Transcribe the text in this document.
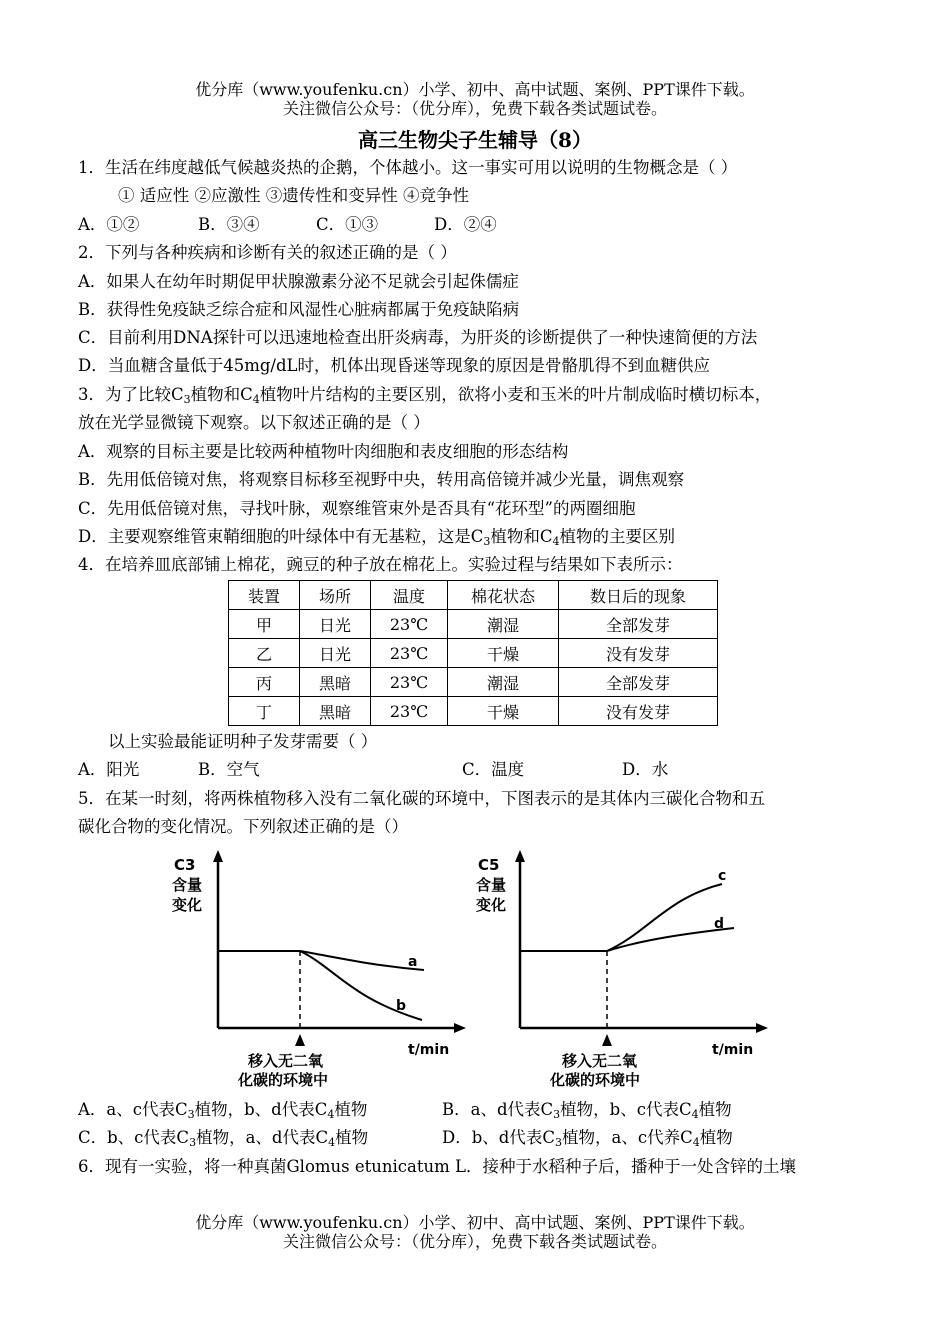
优分库（www.youfenku.cn）小学、初中、高中试题、案例、PPT课件下载。
关注微信公众号：（优分库），免费下载各类试题试卷。
高三生物尖子生辅导（8）
1．生活在纬度越低气候越炎热的企鹅，个体越小。这一事实可用以说明的生物概念是（ ）
① 适应性 ②应激性 ③遗传性和变异性 ④竞争性
A．①②	B．③④	C．①③	D．②④
2．下列与各种疾病和诊断有关的叙述正确的是（ ）
A．如果人在幼年时期促甲状腺激素分泌不足就会引起侏儒症
B．获得性免疫缺乏综合症和风湿性心脏病都属于免疫缺陷病
C．目前利用DNA探针可以迅速地检查出肝炎病毒，为肝炎的诊断提供了一种快速简便的方法
D．当血糖含量低于45mg/dL时，机体出现昏迷等现象的原因是骨骼肌得不到血糖供应
3．为了比较$C_3$植物和$C_4$植物叶片结构的主要区别，欲将小麦和玉米的叶片制成临时横切标本，
放在光学显微镜下观察。以下叙述正确的是（ ）
A．观察的目标主要是比较两种植物叶肉细胞和表皮细胞的形态结构
B．先用低倍镜对焦，将观察目标移至视野中央，转用高倍镜并减少光量，调焦观察
C．先用低倍镜对焦，寻找叶脉，观察维管束外是否具有“花环型”的两圈细胞
D．主要观察维管束鞘细胞的叶绿体中有无基粒，这是$C_3$植物和$C_4$植物的主要区别
4．在培养皿底部铺上棉花，豌豆的种子放在棉花上。实验过程与结果如下表所示：
装置	场所	温度	棉花状态	数日后的现象
甲	日光	23℃	潮湿	全部发芽
乙	日光	23℃	干燥	没有发芽
丙	黑暗	23℃	潮湿	全部发芽
丁	黑暗	23℃	干燥	没有发芽
以上实验最能证明种子发芽需要（ ）
A．阳光	B．空气	C．温度	D．水
5．在某一时刻，将两株植物移入没有二氧化碳的环境中，下图表示的是其体内三碳化合物和五
碳化合物的变化情况。下列叙述正确的是（）
C3
含量
变化
a
b
t/min
移入无二氧
化碳的环境中
C5
含量
变化
c
d
t/min
移入无二氧
化碳的环境中
A．a、c代表$C_3$植物，b、d代表$C_4$植物	B．a、d代表$C_3$植物，b、c代表$C_4$植物
C．b、c代表$C_3$植物，a、d代表$C_4$植物	D．b、d代表$C_3$植物，a、c代养$C_4$植物
6．现有一实验，将一种真菌Glomus etunicatum L．接种于水稻种子后，播种于一处含锌的土壤
优分库（www.youfenku.cn）小学、初中、高中试题、案例、PPT课件下载。
关注微信公众号：（优分库），免费下载各类试题试卷。
